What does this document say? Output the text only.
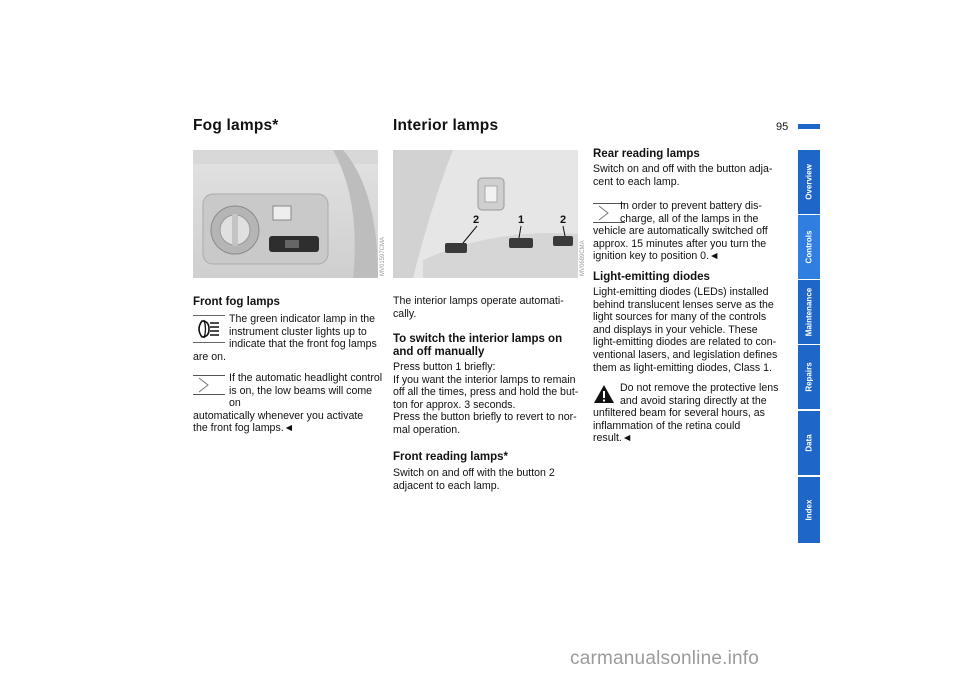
95
Fog lamps*
MV01597CMA
Front fog lamps
The green indicator lamp in the
instrument cluster lights up to
indicate that the front fog lamps
are on.
If the automatic headlight control
is on, the low beams will come on
automatically whenever you activate
the front fog lamps.◄
Interior lamps
2	1	2
MV0689CMA
The interior lamps operate automati-
cally.
To switch the interior lamps on
and off manually
Press button 1 briefly:
If you want the interior lamps to remain
off all the times, press and hold the but-
ton for approx. 3 seconds.
Press the button briefly to revert to nor-
mal operation.
Front reading lamps*
Switch on and off with the button 2
adjacent to each lamp.
Rear reading lamps
Switch on and off with the button adja-
cent to each lamp.
In order to prevent battery dis-
charge, all of the lamps in the
vehicle are automatically switched off
approx. 15 minutes after you turn the
ignition key to position 0.◄
Light-emitting diodes
Light-emitting diodes (LEDs) installed
behind translucent lenses serve as the
light sources for many of the controls
and displays in your vehicle. These
light-emitting diodes are related to con-
ventional lasers, and legislation defines
them as light-emitting diodes, Class 1.
Do not remove the protective lens
and avoid staring directly at the
unfiltered beam for several hours, as
inflammation of the retina could
result.◄
Overview
Controls
Maintenance
Repairs
Data
Index
carmanualsonline.info
